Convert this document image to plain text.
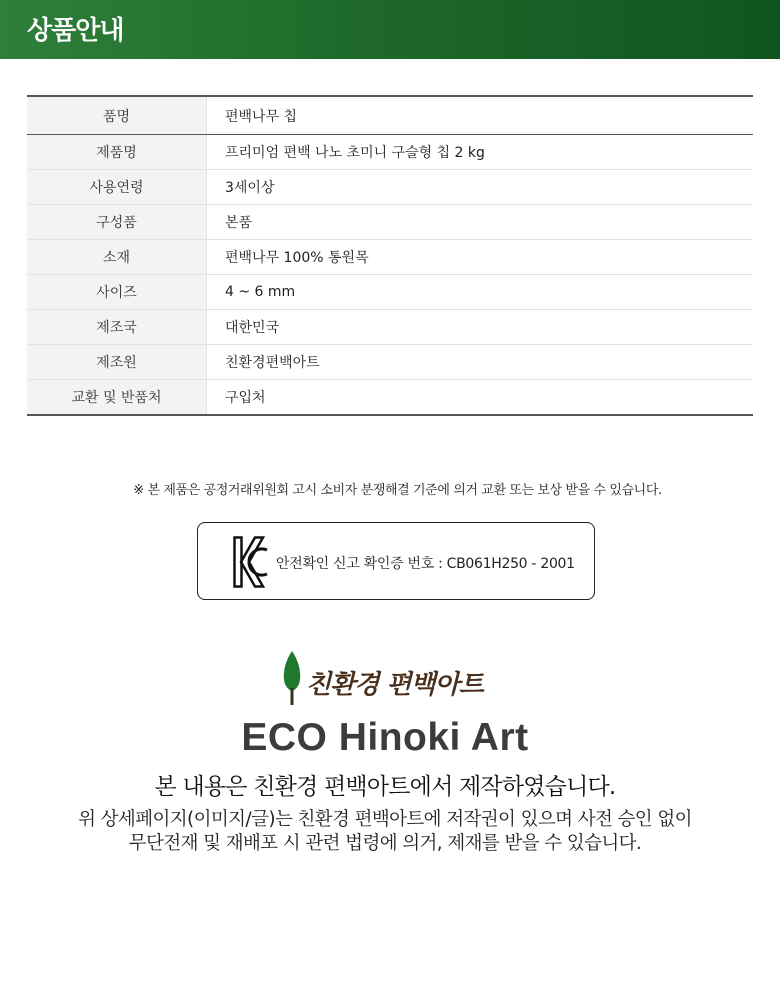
상품안내
품명	편백나무 칩
제품명	프리미엄 편백 나노 초미니 구슬형 칩 2 kg
사용연령	3세이상
구성품	본품
소재	편백나무 100% 통원목
사이즈	4 ~ 6 mm
제조국	대한민국
제조원	친환경편백아트
교환 및 반품처	구입처
※ 본 제품은 공정거래위원회 고시 소비자 분쟁해결 기준에 의거 교환 또는 보상 받을 수 있습니다.
안전확인 신고 확인증 번호 : CB061H250 - 2001
친환경 편백아트
ECO Hinoki Art
본 내용은 친환경 편백아트에서 제작하였습니다.
위 상세페이지(이미지/글)는 친환경 편백아트에 저작권이 있으며 사전 승인 없이
무단전재 및 재배포 시 관련 법령에 의거, 제재를 받을 수 있습니다.
